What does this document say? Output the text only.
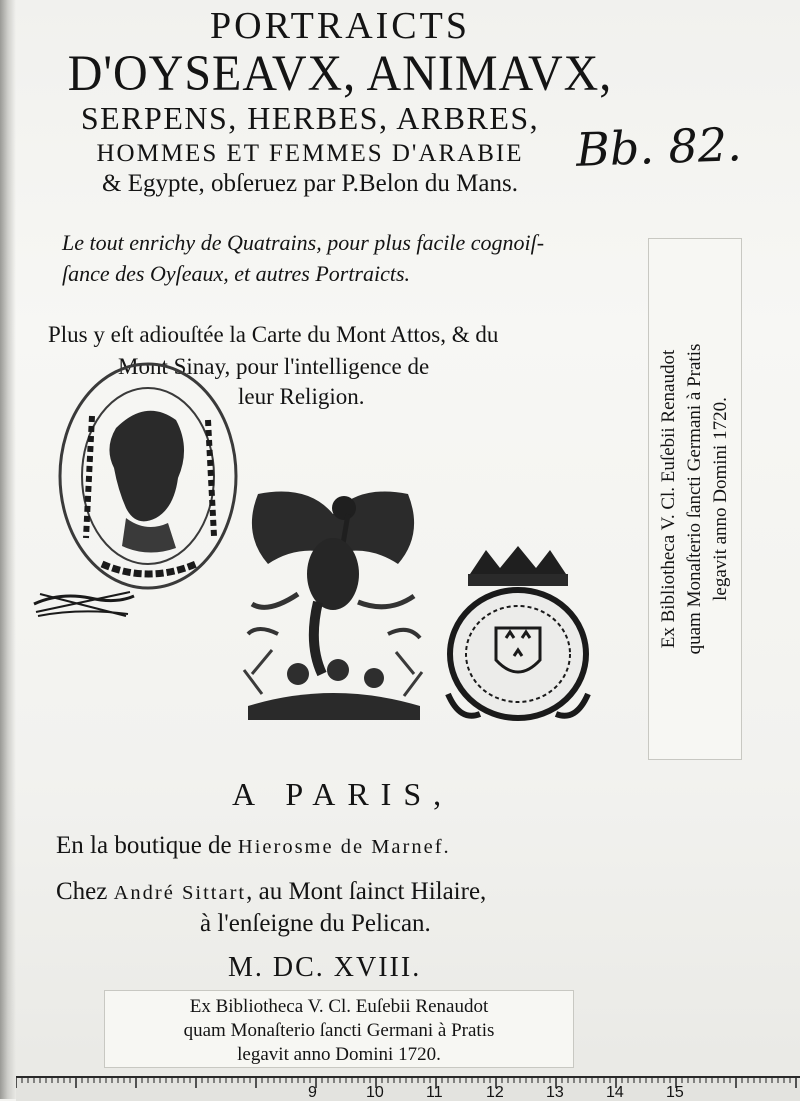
PORTRAICTS
D'OYSEAVX, ANIMAVX,
SERPENS, HERBES, ARBRES,
HOMMES ET FEMMES D'ARABIE
& Egypte, obſeruez par P.Belon du Mans.
Bb. 82.
Le tout enrichy de Quatrains, pour plus facile cognoiſ-
ſance des Oyſeaux, et autres Portraicts.
Plus y eſt adiouſtée la Carte du Mont Attos, & du
Mont Sinay, pour l'intelligence de
leur Religion.	Ex Bibliotheca V. Cl. Euſebii Renaudot quam Monaſterio ſancti Germani à Pratis legavit anno Domini 1720.
A PARIS,
En la boutique de Hierosme de Marnef.
Chez André Sittart, au Mont ſainct Hilaire,
à l'enſeigne du Pelican.
M. DC. XVIII.
Ex Bibliotheca V. Cl. Euſebii Renaudot
quam Monaſterio ſancti Germani à Pratis
legavit anno Domini 1720.
9	10	11	12	13	14	15
